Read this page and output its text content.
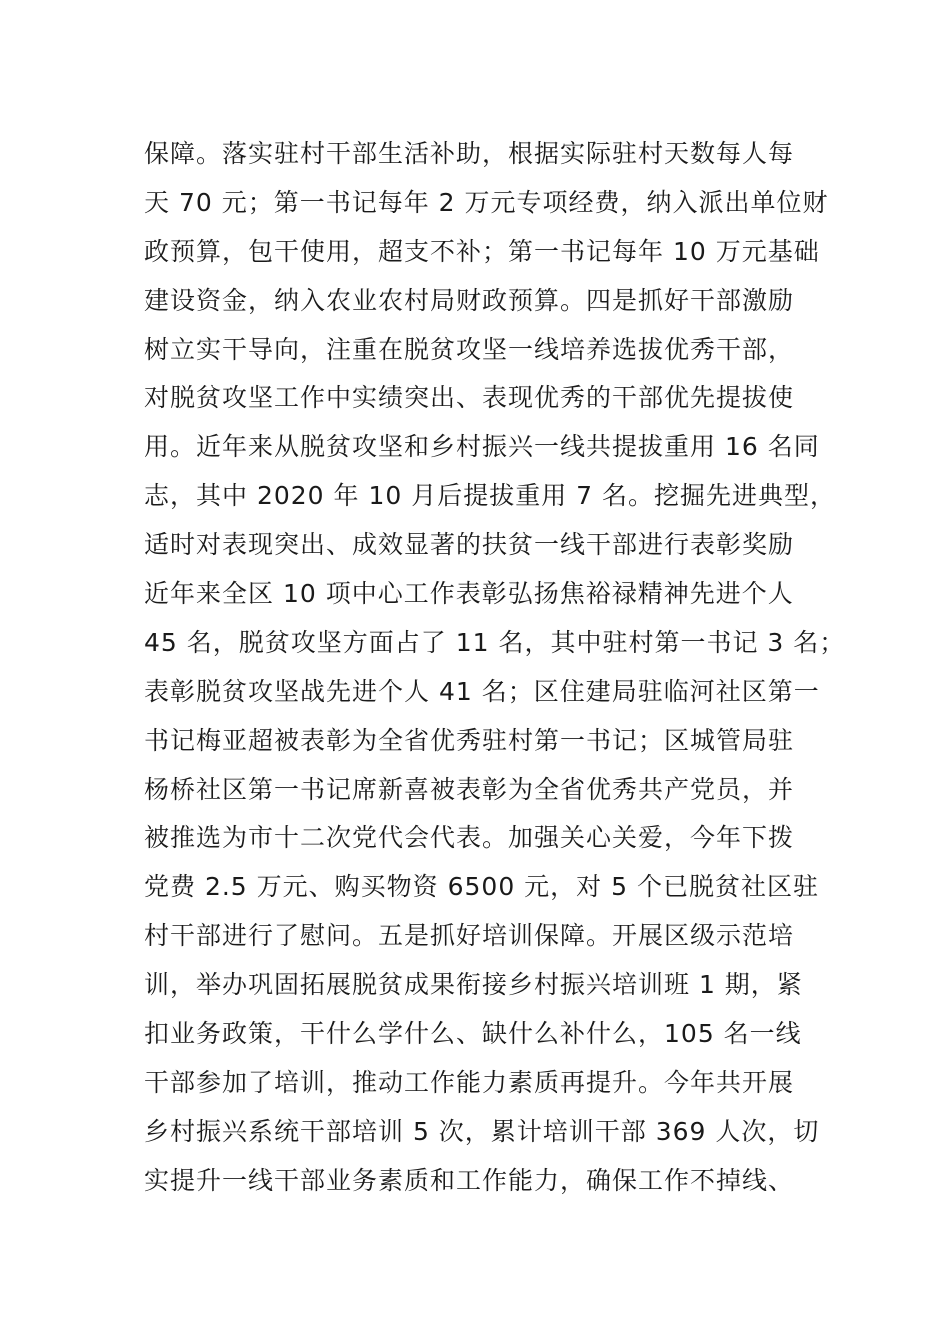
保障。落实驻村干部生活补助，根据实际驻村天数每人每
天 70 元；第一书记每年 2 万元专项经费，纳入派出单位财
政预算，包干使用，超支不补；第一书记每年 10 万元基础
建设资金，纳入农业农村局财政预算。四是抓好干部激励
树立实干导向，注重在脱贫攻坚一线培养选拔优秀干部，
对脱贫攻坚工作中实绩突出、表现优秀的干部优先提拔使
用。近年来从脱贫攻坚和乡村振兴一线共提拔重用 16 名同
志，其中 2020 年 10 月后提拔重用 7 名。挖掘先进典型，
适时对表现突出、成效显著的扶贫一线干部进行表彰奖励
近年来全区 10 项中心工作表彰弘扬焦裕禄精神先进个人
45 名，脱贫攻坚方面占了 11 名，其中驻村第一书记 3 名；
表彰脱贫攻坚战先进个人 41 名；区住建局驻临河社区第一
书记梅亚超被表彰为全省优秀驻村第一书记；区城管局驻
杨桥社区第一书记席新喜被表彰为全省优秀共产党员，并
被推选为市十二次党代会代表。加强关心关爱，今年下拨
党费 2.5 万元、购买物资 6500 元，对 5 个已脱贫社区驻
村干部进行了慰问。五是抓好培训保障。开展区级示范培
训，举办巩固拓展脱贫成果衔接乡村振兴培训班 1 期，紧
扣业务政策，干什么学什么、缺什么补什么，105 名一线
干部参加了培训，推动工作能力素质再提升。今年共开展
乡村振兴系统干部培训 5 次，累计培训干部 369 人次，切
实提升一线干部业务素质和工作能力，确保工作不掉线、
